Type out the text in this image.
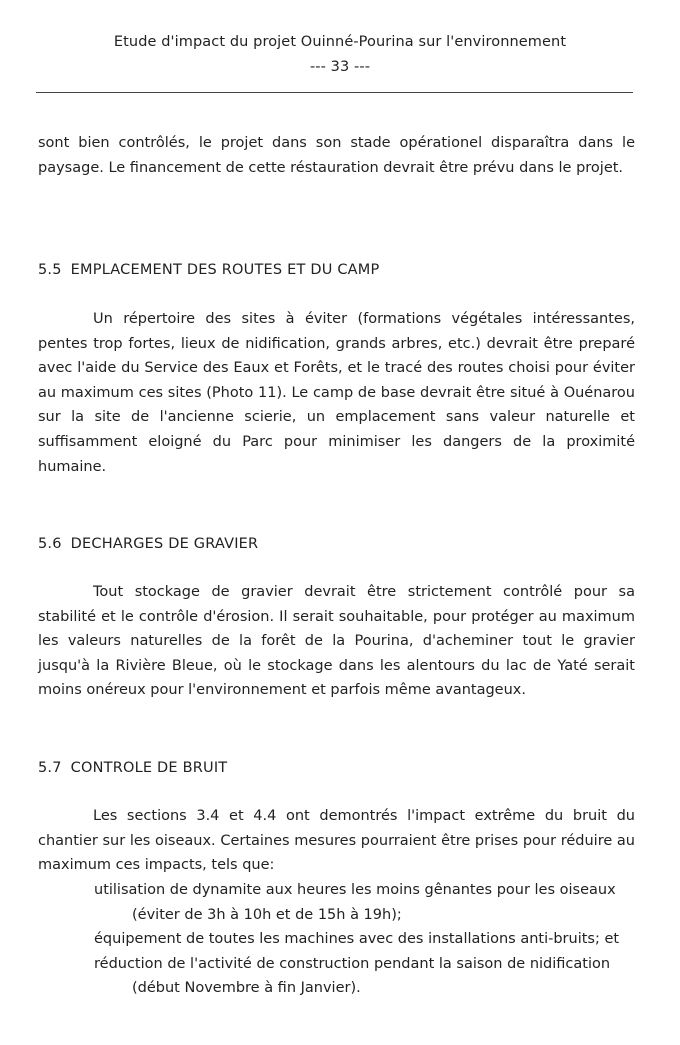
Etude d'impact du projet Ouinné-Pourina sur l'environnement
--- 33 ---

sont bien contrôlés, le projet dans son stade opérationel disparaîtra dans le paysage. Le financement de cette réstauration devrait être prévu dans le projet.

5.5 EMPLACEMENT DES ROUTES ET DU CAMP

Un répertoire des sites à éviter (formations végétales intéressantes, pentes trop fortes, lieux de nidification, grands arbres, etc.) devrait être preparé avec l'aide du Service des Eaux et Forêts, et le tracé des routes choisi pour éviter au maximum ces sites (Photo 11). Le camp de base devrait être situé à Ouénarou sur la site de l'ancienne scierie, un emplacement sans valeur naturelle et suffisamment eloigné du Parc pour minimiser les dangers de la proximité humaine.

5.6 DECHARGES DE GRAVIER

Tout stockage de gravier devrait être strictement contrôlé pour sa stabilité et le contrôle d'érosion. Il serait souhaitable, pour protéger au maximum les valeurs naturelles de la forêt de la Pourina, d'acheminer tout le gravier jusqu'à la Rivière Bleue, où le stockage dans les alentours du lac de Yaté serait moins onéreux pour l'environnement et parfois même avantageux.

5.7 CONTROLE DE BRUIT

Les sections 3.4 et 4.4 ont demontrés l'impact extrême du bruit du chantier sur les oiseaux. Certaines mesures pourraient être prises pour réduire au maximum ces impacts, tels que:

utilisation de dynamite aux heures les moins gênantes pour les oiseaux
(éviter de 3h à 10h et de 15h à 19h);
équipement de toutes les machines avec des installations anti-bruits; et
réduction de l'activité de construction pendant la saison de nidification
(début Novembre à fin Janvier).
